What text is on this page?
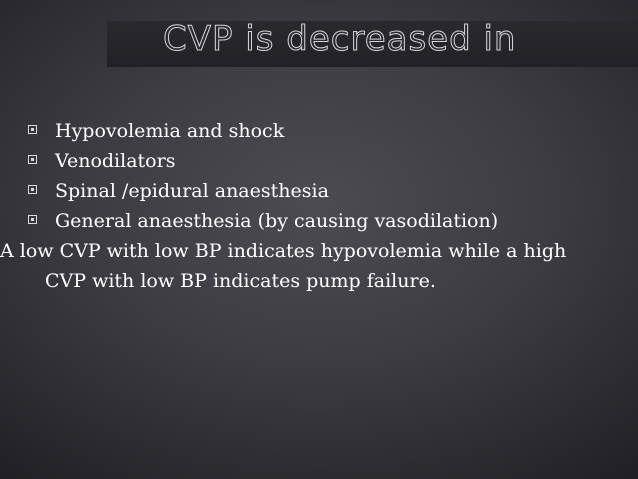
CVP is decreased in
Hypovolemia and shock
Venodilators
Spinal /epidural anaesthesia
General anaesthesia (by causing vasodilation)

A low CVP with low BP indicates hypovolemia while a high CVP with low BP indicates pump failure.
